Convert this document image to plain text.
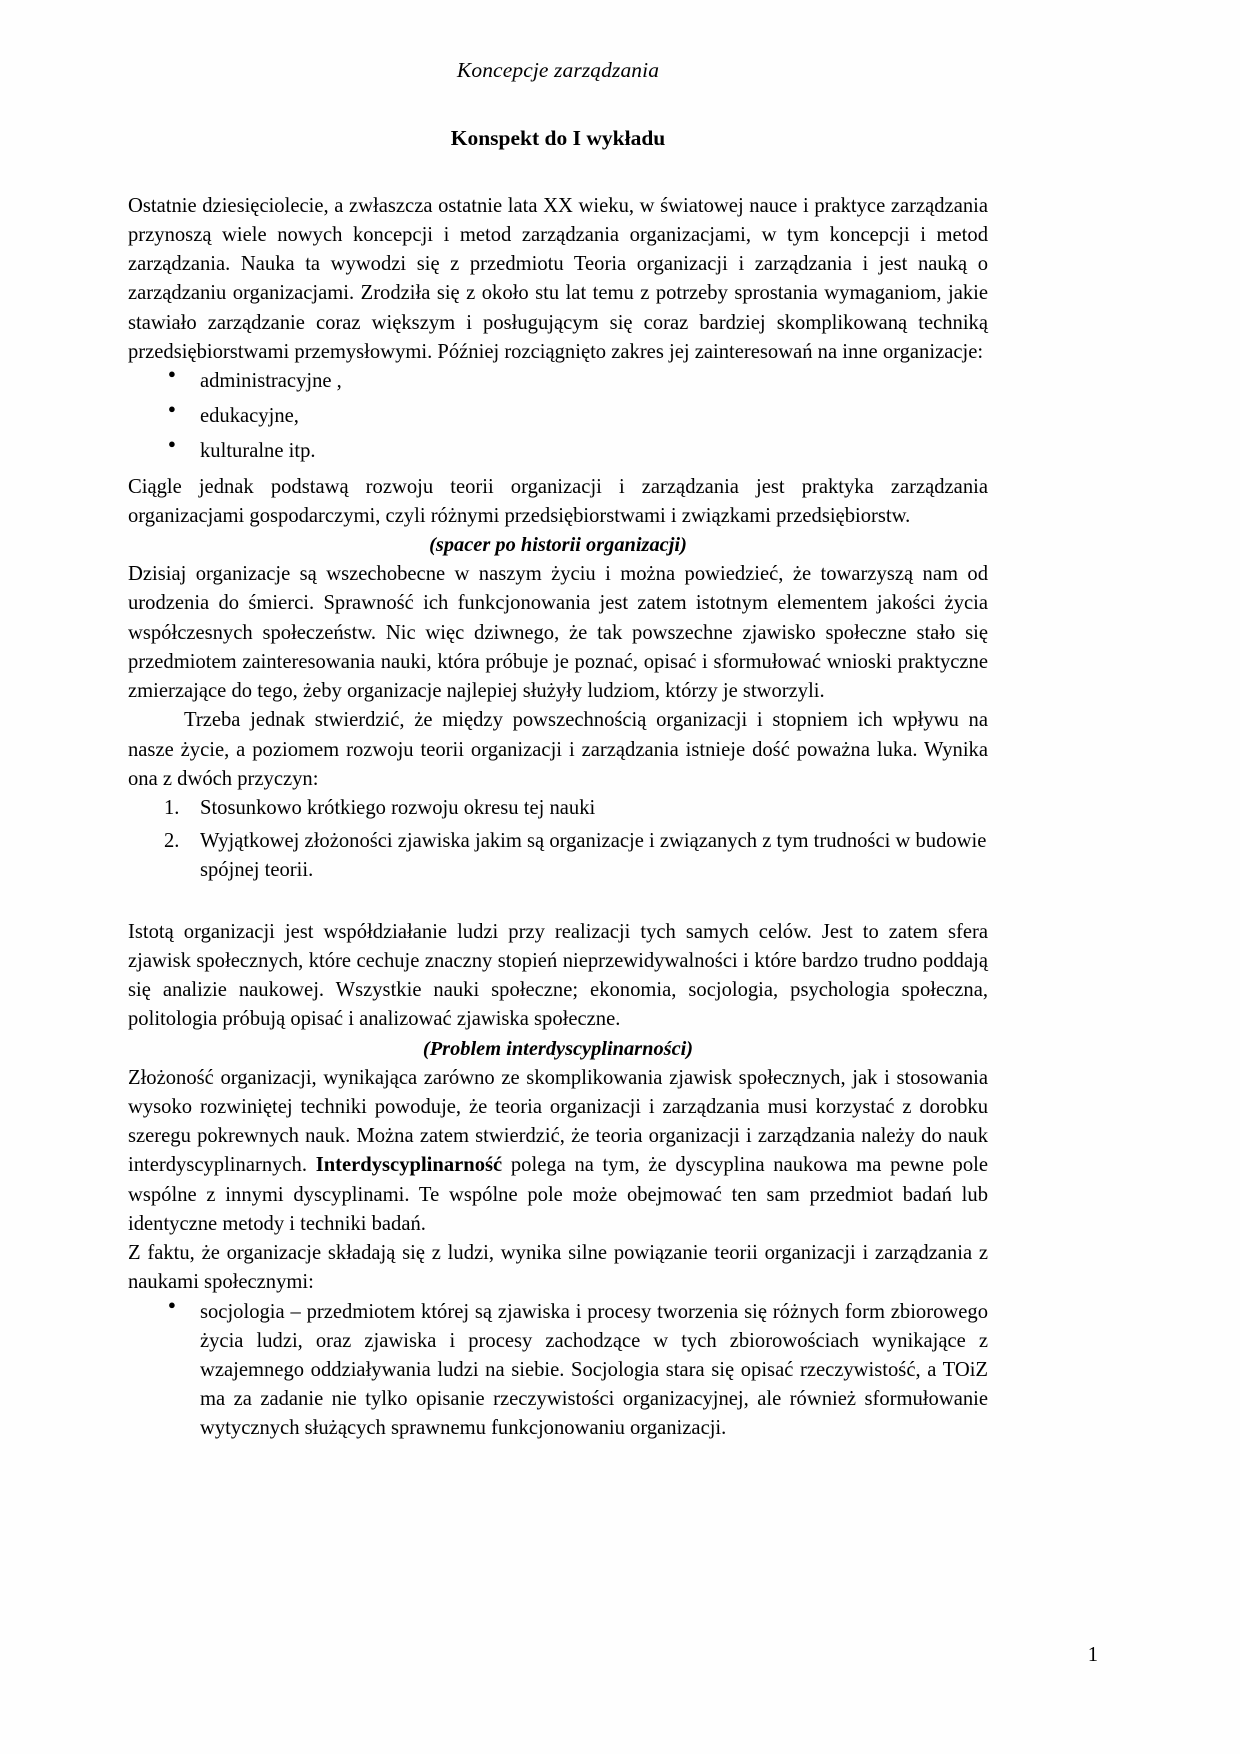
Koncepcje zarządzania
Konspekt do I wykładu

Ostatnie dziesięciolecie, a zwłaszcza ostatnie lata XX wieku, w światowej nauce i praktyce zarządzania przynoszą wiele nowych koncepcji i metod zarządzania organizacjami, w tym koncepcji i metod zarządzania. Nauka ta wywodzi się z przedmiotu Teoria organizacji i zarządzania i jest nauką o zarządzaniu organizacjami. Zrodziła się z około stu lat temu z potrzeby sprostania wymaganiom, jakie stawiało zarządzanie coraz większym i posługującym się coraz bardziej skomplikowaną techniką przedsiębiorstwami przemysłowymi. Później rozciągnięto zakres jej zainteresowań na inne organizacje:

● administracyjne ,
● edukacyjne,
● kulturalne itp.

Ciągle jednak podstawą rozwoju teorii organizacji i zarządzania jest praktyka zarządzania organizacjami gospodarczymi, czyli różnymi przedsiębiorstwami i związkami przedsiębiorstw.

(spacer po historii organizacji)

Dzisiaj organizacje są wszechobecne w naszym życiu i można powiedzieć, że towarzyszą nam od urodzenia do śmierci. Sprawność ich funkcjonowania jest zatem istotnym elementem jakości życia współczesnych społeczeństw. Nic więc dziwnego, że tak powszechne zjawisko społeczne stało się przedmiotem zainteresowania nauki, która próbuje je poznać, opisać i sformułować wnioski praktyczne zmierzające do tego, żeby organizacje najlepiej służyły ludziom, którzy je stworzyli.

Trzeba jednak stwierdzić, że między powszechnością organizacji i stopniem ich wpływu na nasze życie, a poziomem rozwoju teorii organizacji i zarządzania istnieje dość poważna luka. Wynika ona z dwóch przyczyn:

Stosunkowo krótkiego rozwoju okresu tej nauki
Wyjątkowej złożoności zjawiska jakim są organizacje i związanych z tym trudności w budowie spójnej teorii.

Istotą organizacji jest współdziałanie ludzi przy realizacji tych samych celów. Jest to zatem sfera zjawisk społecznych, które cechuje znaczny stopień nieprzewidywalności i które bardzo trudno poddają się analizie naukowej. Wszystkie nauki społeczne; ekonomia, socjologia, psychologia społeczna, politologia próbują opisać i analizować zjawiska społeczne.

(Problem interdyscyplinarności)

Złożoność organizacji, wynikająca zarówno ze skomplikowania zjawisk społecznych, jak i stosowania wysoko rozwiniętej techniki powoduje, że teoria organizacji i zarządzania musi korzystać z dorobku szeregu pokrewnych nauk. Można zatem stwierdzić, że teoria organizacji i zarządzania należy do nauk interdyscyplinarnych. Interdyscyplinarność polega na tym, że dyscyplina naukowa ma pewne pole wspólne z innymi dyscyplinami. Te wspólne pole może obejmować ten sam przedmiot badań lub identyczne metody i techniki badań.

Z faktu, że organizacje składają się z ludzi, wynika silne powiązanie teorii organizacji i zarządzania z naukami społecznymi:

● socjologia – przedmiotem której są zjawiska i procesy tworzenia się różnych form zbiorowego życia ludzi, oraz zjawiska i procesy zachodzące w tych zbiorowościach wynikające z wzajemnego oddziaływania ludzi na siebie. Socjologia stara się opisać rzeczywistość, a TOiZ ma za zadanie nie tylko opisanie rzeczywistości organizacyjnej, ale również sformułowanie wytycznych służących sprawnemu funkcjonowaniu organizacji.
1
